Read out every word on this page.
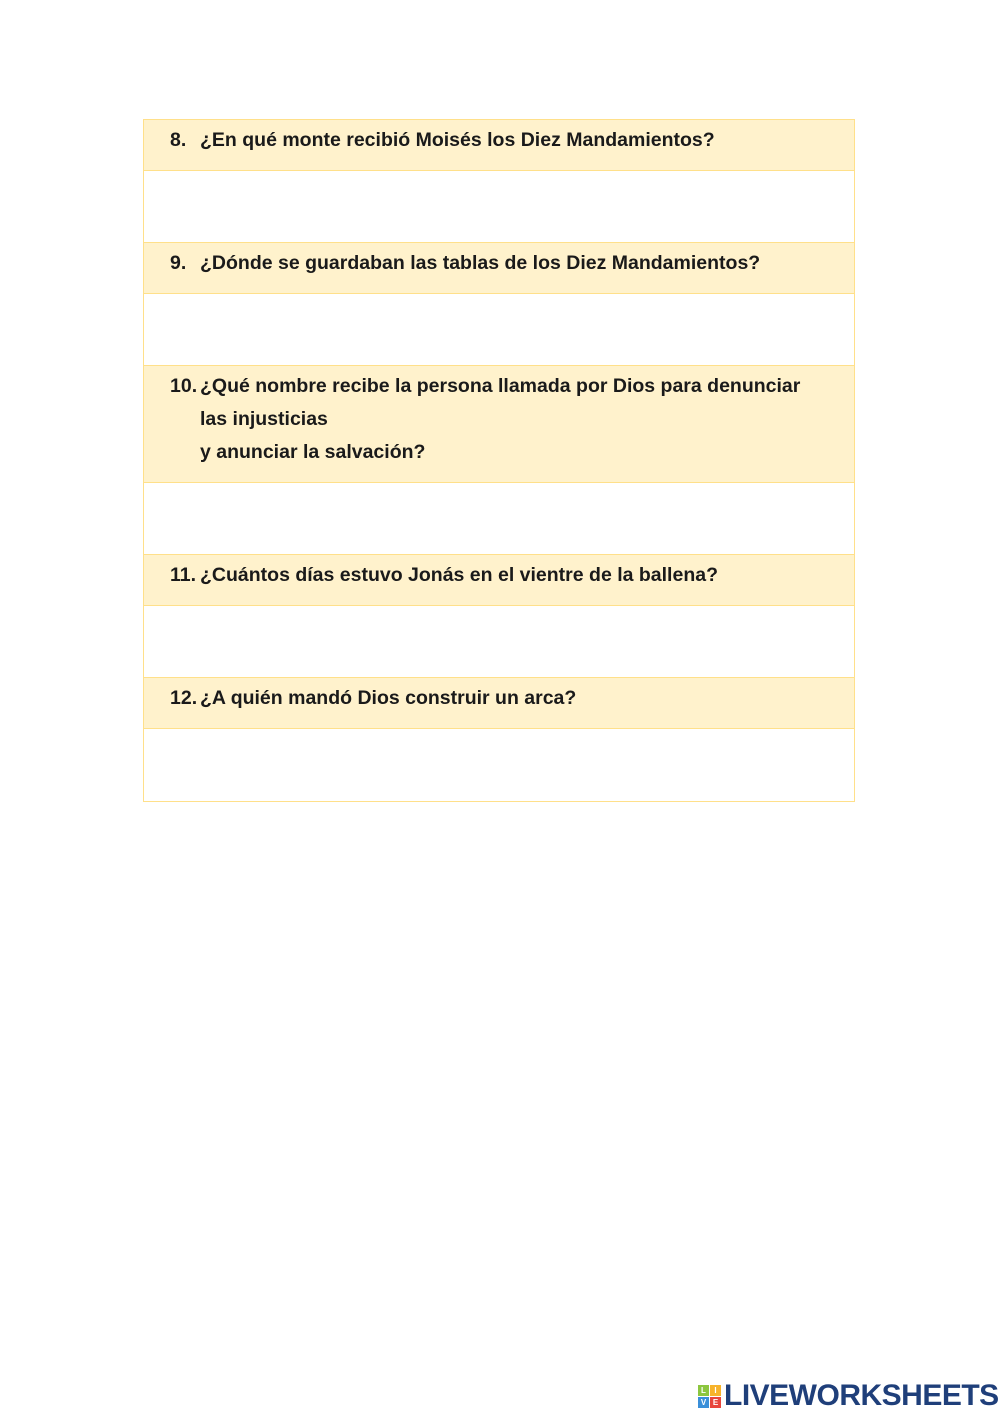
8. ¿En qué monte recibió Moisés los Diez Mandamientos?
9. ¿Dónde se guardaban las tablas de los Diez Mandamientos?
10. ¿Qué nombre recibe la persona llamada por Dios para denunciar
las injusticias
y anunciar la salvación?
11. ¿Cuántos días estuvo Jonás en el vientre de la ballena?
12. ¿A quién mandó Dios construir un arca?
L	I
V E LIVEWORKSHEETS
